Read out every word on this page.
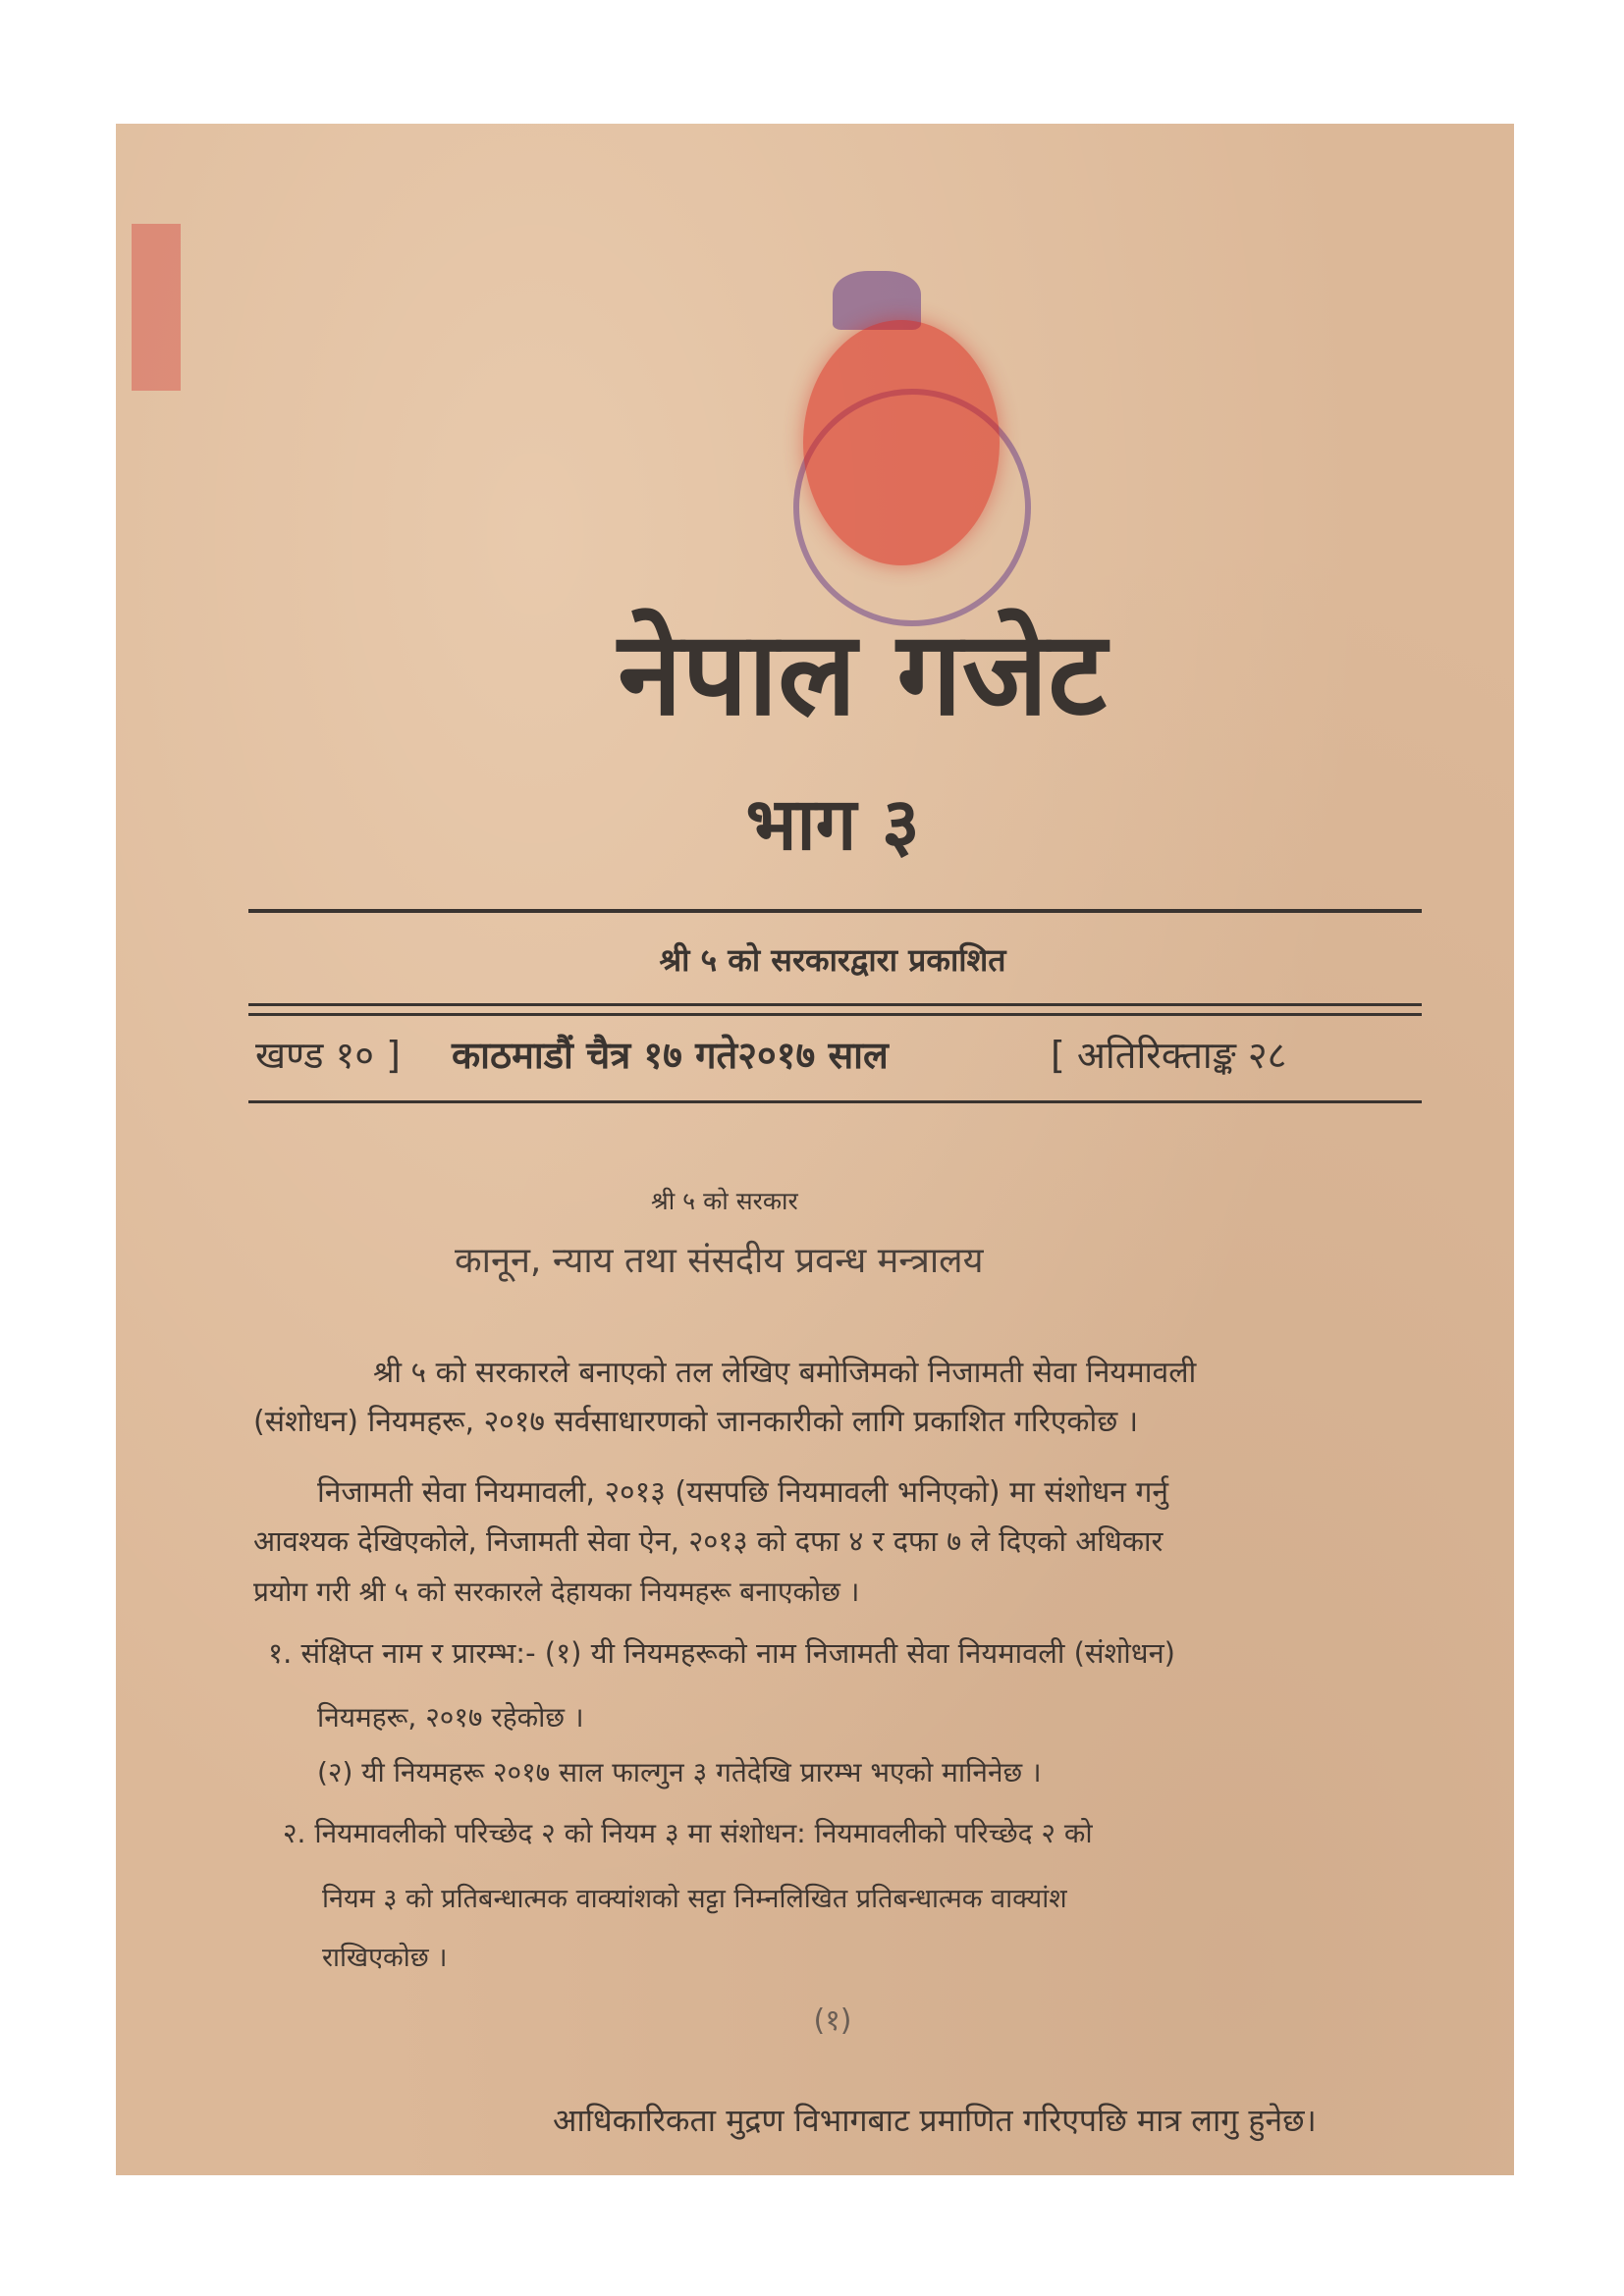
नेपाल गजेट
भाग ३
श्री ५ को सरकारद्वारा प्रकाशित
खण्ड १० ] काठमाडौं चैत्र १७ गते२०१७ साल	[ अतिरिक्ताङ्क २८
श्री ५ को सरकार
कानून, न्याय तथा संसदीय प्रवन्ध मन्त्रालय
श्री ५ को सरकारले बनाएको तल लेखिए बमोजिमको निजामती सेवा नियमावली
(संशोधन) नियमहरू, २०१७ सर्वसाधारणको जानकारीको लागि प्रकाशित गरिएकोछ ।
निजामती सेवा नियमावली, २०१३ (यसपछि नियमावली भनिएको) मा संशोधन गर्नु
आवश्यक देखिएकोले, निजामती सेवा ऐन, २०१३ को दफा ४ र दफा ७ ले दिएको अधिकार
प्रयोग गरी श्री ५ को सरकारले देहायका नियमहरू बनाएकोछ ।
१. संक्षिप्त नाम र प्रारम्भ:- (१) यी नियमहरूको नाम निजामती सेवा नियमावली (संशोधन)
नियमहरू, २०१७ रहेकोछ ।
(२) यी नियमहरू २०१७ साल फाल्गुन ३ गतेदेखि प्रारम्भ भएको मानिनेछ ।
२. नियमावलीको परिच्छेद २ को नियम ३ मा संशोधन: नियमावलीको परिच्छेद २ को
नियम ३ को प्रतिबन्धात्मक वाक्यांशको सट्टा निम्नलिखित प्रतिबन्धात्मक वाक्यांश
राखिएकोछ ।
(१)
आधिकारिकता मुद्रण विभागबाट प्रमाणित गरिएपछि मात्र लागु हुनेछ।
